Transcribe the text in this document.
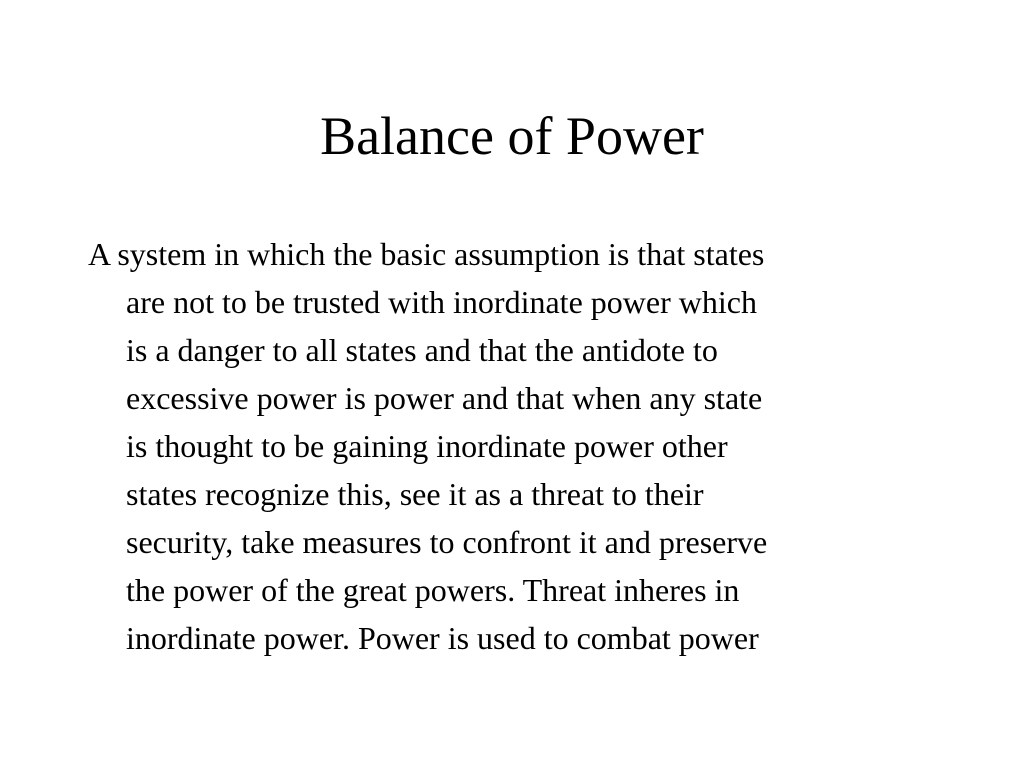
Balance of Power
A system in which the basic assumption is that states
are not to be trusted with inordinate power which
is a danger to all states and that the antidote to
excessive power is power and that when any state
is thought to be gaining inordinate power other
states recognize this, see it as a threat to their
security, take measures to confront it and preserve
the power of the great powers. Threat inheres in
inordinate power. Power is used to combat power
